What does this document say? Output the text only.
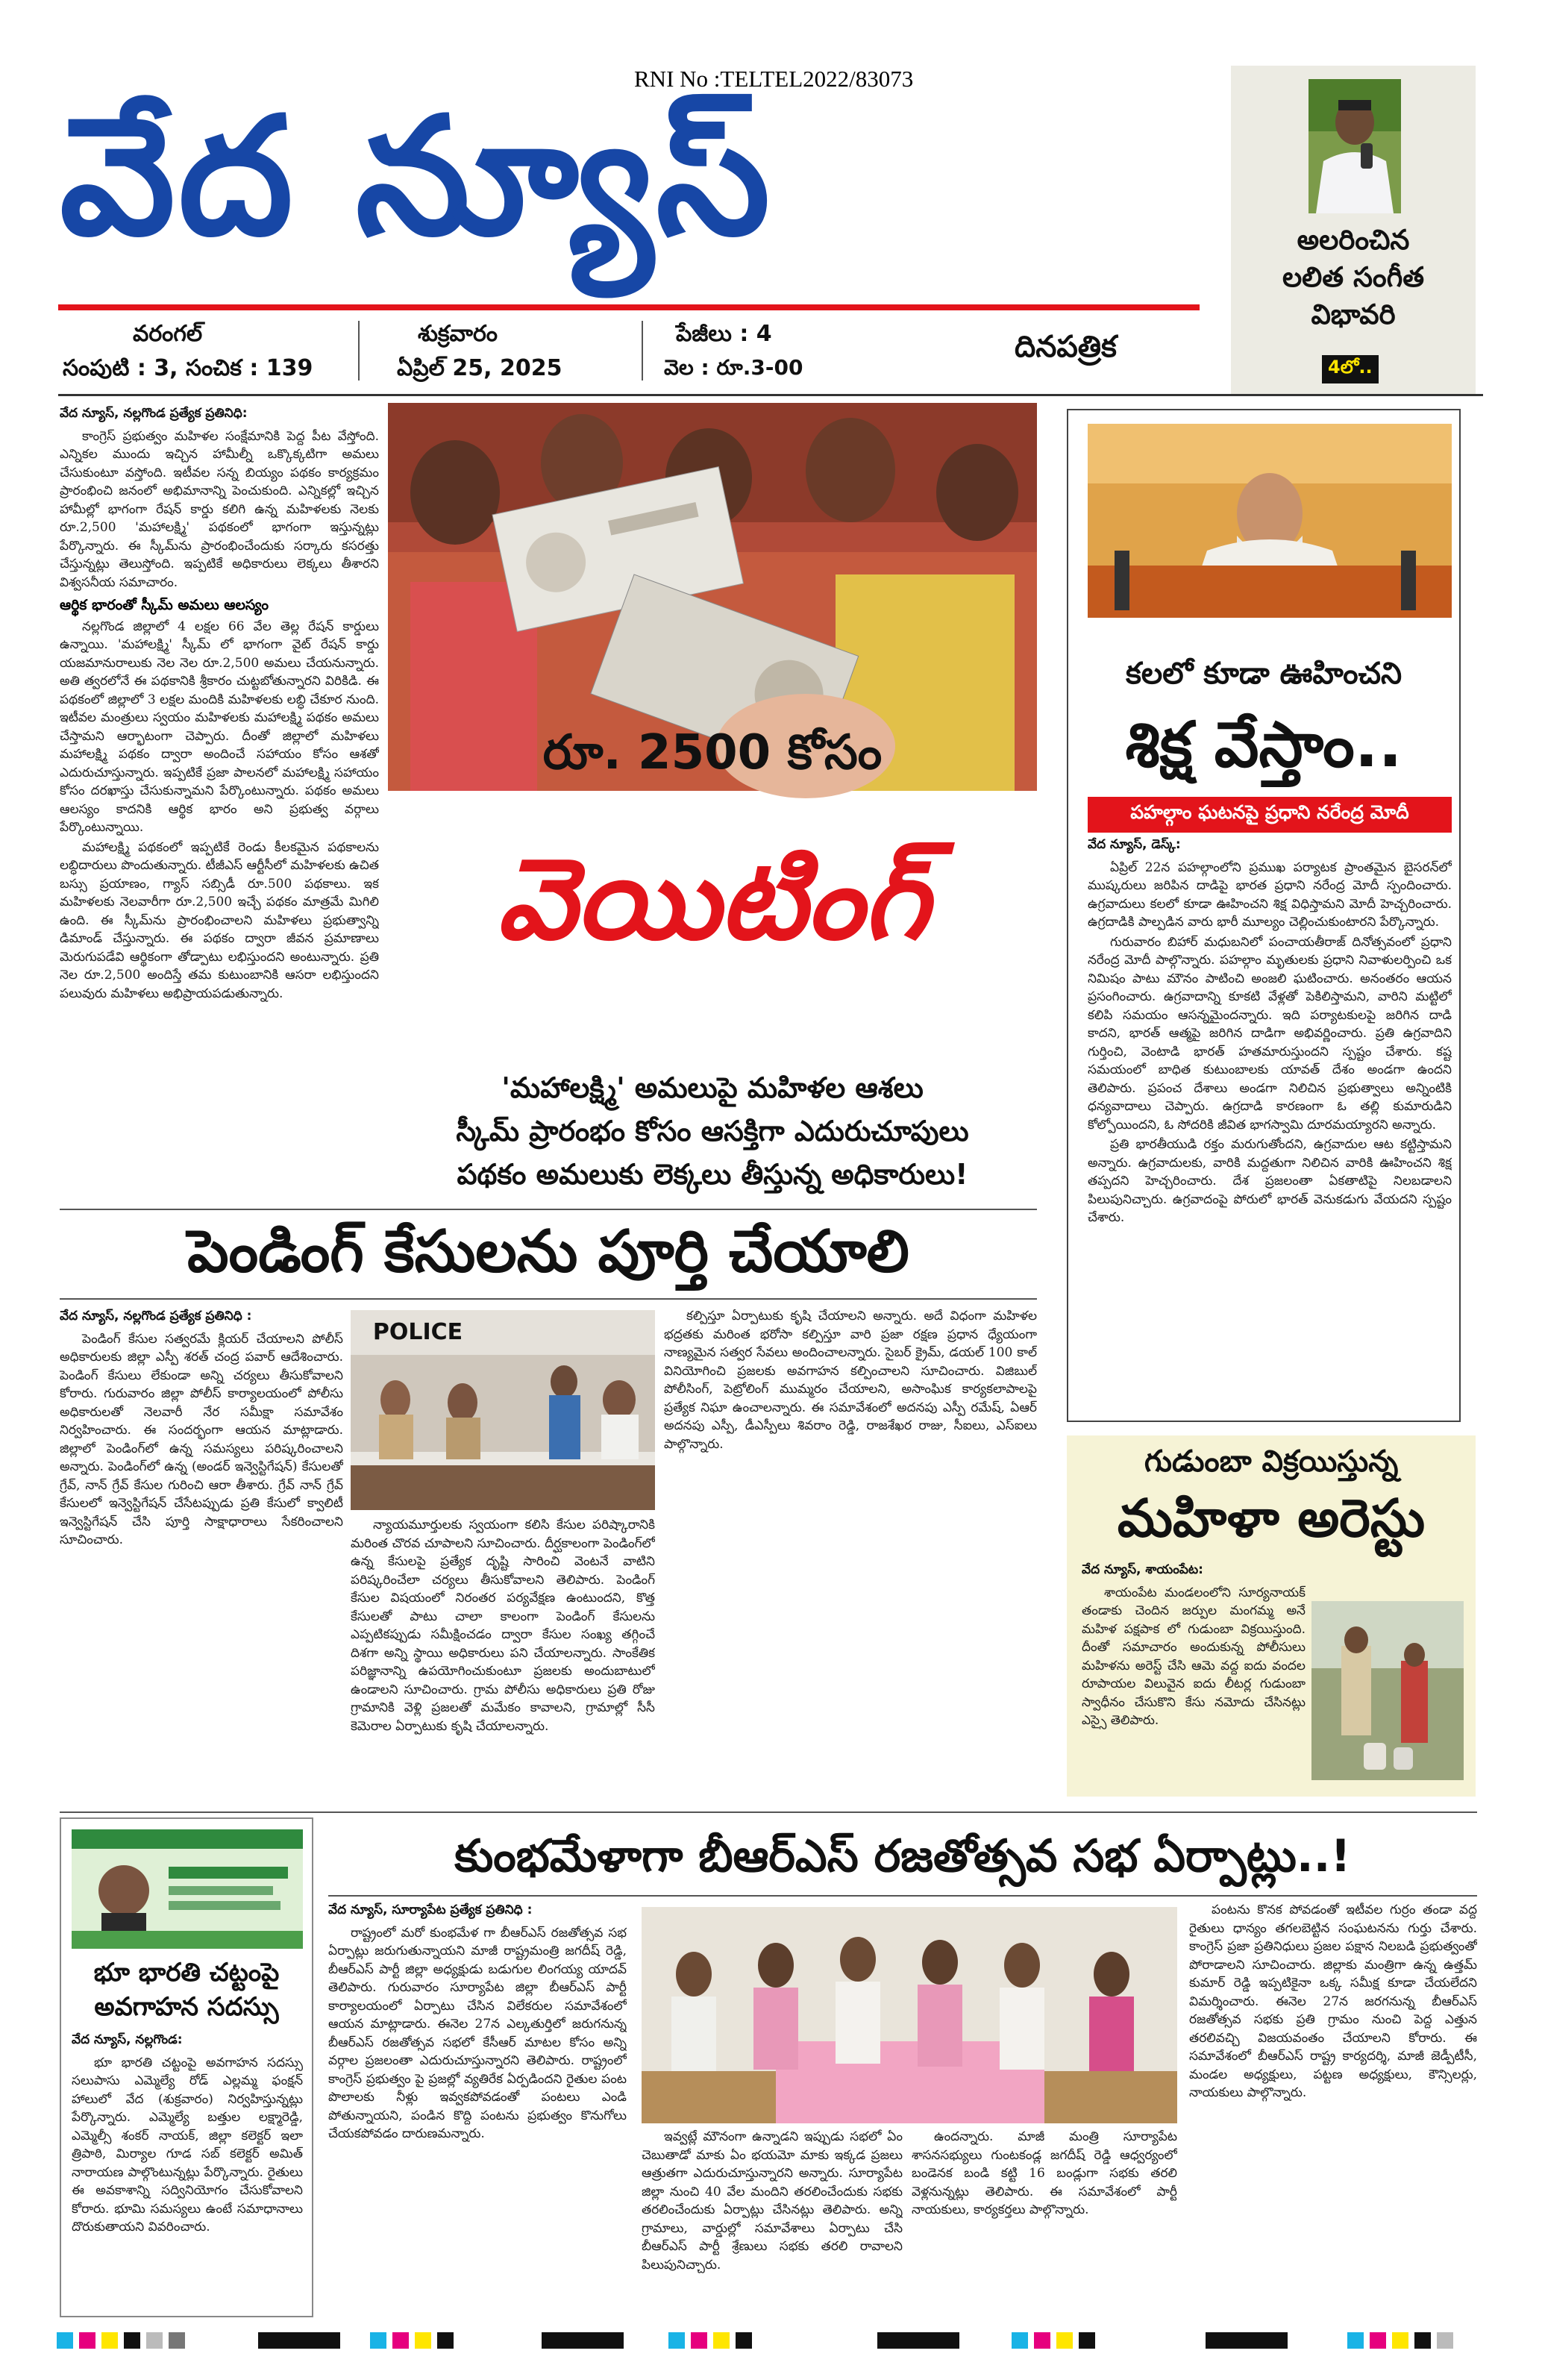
RNI No :TELTEL2022/83073
వేద న్యూస్
వరంగల్
సంపుటి : 3, సంచిక : 139
శుక్రవారం
ఏప్రిల్ 25, 2025
పేజీలు : 4
వెల : రూ.3-00
దినపత్రిక
అలరించిన
లలిత సంగీత
విభావరి
4లో..
వేద న్యూస్, నల్లగొండ ప్రత్యేక ప్రతినిధి:

కాంగ్రెస్ ప్రభుత్వం మహిళల సంక్షేమానికి పెద్ద పీట వేస్తోంది. ఎన్నికల ముందు ఇచ్చిన హామీల్నీ ఒక్కొక్కటిగా అమలు చేసుకుంటూ వస్తోంది. ఇటీవల సన్న బియ్యం పథకం కార్యక్రమం ప్రారంభించి జనంలో అభిమానాన్ని పెంచుకుంది. ఎన్నికల్లో ఇచ్చిన హామీల్లో భాగంగా రేషన్ కార్డు కలిగి ఉన్న మహిళలకు నెలకు రూ.2,500 'మహాలక్ష్మి' పథకంలో భాగంగా ఇస్తున్నట్లు పేర్కొన్నారు. ఈ స్కీమ్‌ను ప్రారంభించేందుకు సర్కారు కసరత్తు చేస్తున్నట్లు తెలుస్తోంది. ఇప్పటికే అధికారులు లెక్కలు తీశారని విశ్వసనీయ సమాచారం.

ఆర్థిక భారంతో స్కీమ్ అమలు ఆలస్యం

నల్లగొండ జిల్లాలో 4 లక్షల 66 వేల తెల్ల రేషన్ కార్డులు ఉన్నాయి. 'మహాలక్ష్మి' స్కీమ్ లో భాగంగా వైట్ రేషన్ కార్డు యజమానురాలుకు నెల నెల రూ.2,500 అమలు చేయనున్నారు. అతి త్వరలోనే ఈ పథకానికి శ్రీకారం చుట్టబోతున్నారని విరికిడి. ఈ పథకంలో జిల్లాలో 3 లక్షల మందికి మహిళలకు లబ్ధి చేకూర నుంది. ఇటీవల మంత్రులు స్వయం మహిళలకు మహాలక్ష్మి పథకం అమలు చేస్తామని ఆర్భాటంగా చెప్పారు. దీంతో జిల్లాలో మహిళలు మహాలక్ష్మి పథకం ద్వారా అందించే సహాయం కోసం ఆశతో ఎదురుచూస్తున్నారు. ఇప్పటికే ప్రజా పాలనలో మహాలక్ష్మి సహాయం కోసం దరఖాస్తు చేసుకున్నామని పేర్కొంటున్నారు. పథకం అమలు ఆలస్యం కాదనికి ఆర్థిక భారం అని ప్రభుత్వ వర్గాలు పేర్కొంటున్నాయి.

మహాలక్ష్మి పథకంలో ఇప్పటికే రెండు కీలకమైన పథకాలను లబ్ధిదారులు పొందుతున్నారు. టీజీఎస్ ఆర్టీసీలో మహిళలకు ఉచిత బస్సు ప్రయాణం, గ్యాస్ సబ్సిడీ రూ.500 పథకాలు. ఇక మహిళలకు నెలవారీగా రూ.2,500 ఇచ్చే పథకం మాత్రమే మిగిలి ఉంది. ఈ స్కీమ్‌ను ప్రారంభించాలని మహిళలు ప్రభుత్వాన్ని డిమాండ్ చేస్తున్నారు. ఈ పథకం ద్వారా జీవన ప్రమాణాలు మెరుగుపడేవి ఆర్థికంగా తోడ్పాటు లభిస్తుందని అంటున్నారు. ప్రతి నెల రూ.2,500 అందిస్తే తమ కుటుంబానికి ఆసరా లభిస్తుందని పలువురు మహిళలు అభిప్రాయపడుతున్నారు.

రూ. 2500 కోసం
వెయిటింగ్
'మహాలక్ష్మి' అమలుపై మహిళల ఆశలు
స్కీమ్ ప్రారంభం కోసం ఆసక్తిగా ఎదురుచూపులు
పథకం అమలుకు లెక్కలు తీస్తున్న అధికారులు!
కలలో కూడా ఊహించని
శిక్ష వేస్తాం..
పహల్గాం ఘటనపై ప్రధాని నరేంద్ర మోదీ
వేద న్యూస్, డెస్క్:

ఏప్రిల్ 22న పహల్గాంలోని ప్రముఖ పర్యాటక ప్రాంతమైన బైసరన్‌లో ముష్కరులు జరిపిన దాడిపై భారత ప్రధాని నరేంద్ర మోదీ స్పందించారు. ఉగ్రవాదులు కలలో కూడా ఊహించని శిక్ష విధిస్తామని మోదీ హెచ్చరించారు. ఉగ్రదాడికి పాల్పడిన వారు భారీ మూల్యం చెల్లించుకుంటారని పేర్కొన్నారు.

గురువారం బిహార్ మధుబనిలో పంచాయతీరాజ్ దినోత్సవంలో ప్రధాని నరేంద్ర మోదీ పాల్గొన్నారు. పహల్గాం మృతులకు ప్రధాని నివాళులర్పించి ఒక నిమిషం పాటు మౌనం పాటించి అంజలి ఘటించారు. అనంతరం ఆయన ప్రసంగించారు. ఉగ్రవాదాన్ని కూకటి వేళ్లతో పెకిలిస్తామని, వారిని మట్టిలో కలిపి సమయం ఆసన్నమైందన్నారు. ఇది పర్యాటకులపై జరిగిన దాడి కాదని, భారత్ ఆత్మపై జరిగిన దాడిగా అభివర్ణించారు. ప్రతి ఉగ్రవాదిని గుర్తించి, వెంటాడి భారత్ హతమారుస్తుందని స్పష్టం చేశారు. కష్ట సమయంలో బాధిత కుటుంబాలకు యావత్ దేశం అండగా ఉందని తెలిపారు. ప్రపంచ దేశాలు అండగా నిలిచిన ప్రభుత్వాలు అన్నింటికి ధన్యవాదాలు చెప్పారు. ఉగ్రదాడి కారణంగా ఓ తల్లి కుమారుడిని కోల్పోయిందని, ఓ సోదరికి జీవిత భాగస్వామి దూరమయ్యారని అన్నారు.

ప్రతి భారతీయుడి రక్తం మరుగుతోందని, ఉగ్రవాదుల ఆట కట్టిస్తామని అన్నారు. ఉగ్రవాదులకు, వారికి మద్దతుగా నిలిచిన వారికి ఊహించని శిక్ష తప్పదని హెచ్చరించారు. దేశ ప్రజలంతా ఏకతాటిపై నిలబడాలని పిలుపునిచ్చారు. ఉగ్రవాదంపై పోరులో భారత్ వెనుకడుగు వేయదని స్పష్టం చేశారు.

పెండింగ్ కేసులను పూర్తి చేయాలి
వేద న్యూస్, నల్లగొండ ప్రత్యేక ప్రతినిధి :

పెండింగ్ కేసుల సత్వరమే క్లియర్ చేయాలని పోలీస్ అధికారులకు జిల్లా ఎస్పీ శరత్ చంద్ర పవార్ ఆదేశించారు. పెండింగ్ కేసులు లేకుండా అన్ని చర్యలు తీసుకోవాలని కోరారు. గురువారం జిల్లా పోలీస్ కార్యాలయంలో పోలీసు అధికారులతో నెలవారీ నేర సమీక్షా సమావేశం నిర్వహించారు. ఈ సందర్భంగా ఆయన మాట్లాడారు. జిల్లాలో పెండింగ్‌లో ఉన్న సమస్యలు పరిష్కరించాలని అన్నారు. పెండింగ్‌లో ఉన్న (అండర్ ఇన్వెస్టిగేషన్) కేసులతో గ్రేవ్, నాన్ గ్రేవ్ కేసుల గురించి ఆరా తీశారు. గ్రేవ్ నాన్ గ్రేవ్ కేసులలో ఇన్వెస్టిగేషన్ చేసేటప్పుడు ప్రతి కేసులో క్వాలిటీ ఇన్వెస్టిగేషన్ చేసి పూర్తి సాక్షాధారాలు సేకరించాలని సూచించారు.

POLICE

న్యాయమూర్తులకు స్వయంగా కలిసి కేసుల పరిష్కారానికి మరింత చొరవ చూపాలని సూచించారు. దీర్ఘకాలంగా పెండింగ్‌లో ఉన్న కేసులపై ప్రత్యేక దృష్టి సారించి వెంటనే వాటిని పరిష్కరించేలా చర్యలు తీసుకోవాలని తెలిపారు. పెండింగ్ కేసుల విషయంలో నిరంతర పర్యవేక్షణ ఉంటుందని, కొత్త కేసులతో పాటు చాలా కాలంగా పెండింగ్ కేసులను ఎప్పటికప్పుడు సమీక్షించడం ద్వారా కేసుల సంఖ్య తగ్గించే దిశగా అన్ని స్థాయి అధికారులు పని చేయాలన్నారు. సాంకేతిక పరిజ్ఞానాన్ని ఉపయోగించుకుంటూ ప్రజలకు అందుబాటులో ఉండాలని సూచించారు. గ్రామ పోలీసు అధికారులు ప్రతి రోజు గ్రామానికి వెళ్లి ప్రజలతో మమేకం కావాలని, గ్రామాల్లో సీసీ కెమెరాల ఏర్పాటుకు కృషి చేయాలన్నారు.

కల్పిస్తూ ఏర్పాటుకు కృషి చేయాలని అన్నారు. అదే విధంగా మహిళల భద్రతకు మరింత భరోసా కల్పిస్తూ వారి ప్రజా రక్షణ ప్రధాన ధ్యేయంగా నాణ్యమైన సత్వర సేవలు అందించాలన్నారు. సైబర్ క్రైమ్, డయల్ 100 కాల్ వినియోగించి ప్రజలకు అవగాహన కల్పించాలని సూచించారు. విజిబుల్ పోలీసింగ్, పెట్రోలింగ్ ముమ్మరం చేయాలని, అసాంఘిక కార్యకలాపాలపై ప్రత్యేక నిఘా ఉంచాలన్నారు. ఈ సమావేశంలో అదనపు ఎస్పీ రమేష్, ఏఆర్ అదనపు ఎస్పీ, డీఎస్పీలు శివరాం రెడ్డి, రాజశేఖర రాజు, సీఐలు, ఎస్ఐలు పాల్గొన్నారు.

గుడుంబా విక్రయిస్తున్న
మహిళా అరెస్టు
వేద న్యూస్, శాయంపేట:

శాయంపేట మండలంలోని సూర్యనాయక్ తండాకు చెందిన జర్పుల మంగమ్మ అనే మహిళ పక్షపాక లో గుడుంబా విక్రయిస్తుంది. దీంతో సమాచారం అందుకున్న పోలీసులు మహిళను అరెస్ట్ చేసి ఆమె వద్ద ఐదు వందల రూపాయల విలువైన ఐదు లీటర్ల గుడుంబా స్వాధీనం చేసుకొని కేసు నమోదు చేసినట్లు ఎస్సై తెలిపారు.

భూ భారతి చట్టంపై
అవగాహన సదస్సు
వేద న్యూస్, నల్లగొండ:

భూ భారతి చట్టంపై అవగాహన సదస్సు సలుపాసు ఎమ్మెల్యే రోడ్ ఎల్లమ్మ ఫంక్షన్ హాలులో వేద (శుక్రవారం) నిర్వహిస్తున్నట్లు పేర్కొన్నారు. ఎమ్మెల్యే బత్తుల లక్ష్మారెడ్డి, ఎమ్మెల్సీ శంకర్ నాయక్, జిల్లా కలెక్టర్ ఇలా త్రిపాఠి, మిర్యాల గూడ సబ్ కలెక్టర్ అమిత్ నారాయణ పాల్గొంటున్నట్లు పేర్కొన్నారు. రైతులు ఈ అవకాశాన్ని సద్వినియోగం చేసుకోవాలని కోరారు. భూమి సమస్యలు ఉంటే సమాధానాలు దొరుకుతాయని వివరించారు.

కుంభమేళాగా బీఆర్ఎస్ రజతోత్సవ సభ ఏర్పాట్లు..!
వేద న్యూస్, సూర్యాపేట ప్రత్యేక ప్రతినిధి :

రాష్ట్రంలో మరో కుంభమేళ గా బీఆర్ఎస్ రజతోత్సవ సభ ఏర్పాట్లు జరుగుతున్నాయని మాజీ రాష్ట్రమంత్రి జగదీష్ రెడ్డి, బీఆర్ఎస్ పార్టీ జిల్లా అధ్యక్షుడు బడుగుల లింగయ్య యాదవ్ తెలిపారు. గురువారం సూర్యాపేట జిల్లా బీఆర్ఎస్ పార్టీ కార్యాలయంలో ఏర్పాటు చేసిన విలేకరుల సమావేశంలో ఆయన మాట్లాడారు. ఈనెల 27న ఎల్కతుర్తిలో జరుగనున్న బీఆర్ఎస్ రజతోత్సవ సభలో కేసీఆర్ మాటల కోసం అన్ని వర్గాల ప్రజలంతా ఎదురుచూస్తున్నారని తెలిపారు. రాష్ట్రంలో కాంగ్రెస్ ప్రభుత్వం పై ప్రజల్లో వ్యతిరేక ఏర్పడిందని రైతుల పంట పొలాలకు నీళ్లు ఇవ్వకపోవడంతో పంటలు ఎండి పోతున్నాయని, పండిన కొద్ది పంటను ప్రభుత్వం కొనుగోలు చేయకపోవడం దారుణమన్నారు.	ఇవ్వట్లే మౌనంగా ఉన్నాడని ఇప్పుడు సభలో ఏం చెబుతాడో మాకు ఏం భయమో మాకు ఇక్కడ ప్రజలు ఆత్రుతగా ఎదురుచూస్తున్నారని అన్నారు. సూర్యాపేట జిల్లా నుంచి 40 వేల మందిని తరలించేందుకు సభకు తరలించేందుకు ఏర్పాట్లు చేసినట్లు తెలిపారు. అన్ని గ్రామాలు, వార్డుల్లో సమావేశాలు ఏర్పాటు చేసి బీఆర్ఎస్ పార్టీ శ్రేణులు సభకు తరలి రావాలని పిలుపునిచ్చారు.

ఉందన్నారు. మాజీ మంత్రి సూర్యాపేట శాసనసభ్యులు గుంటకండ్ల జగదీష్ రెడ్డి ఆధ్వర్యంలో బండెనక బండి కట్టి 16 బండ్లుగా సభకు తరలి వెళ్లనున్నట్లు తెలిపారు. ఈ సమావేశంలో పార్టీ నాయకులు, కార్యకర్తలు పాల్గొన్నారు.

పంటను కొనక పోవడంతో ఇటీవల గుర్రం తండా వద్ద రైతులు ధాన్యం తగలబెట్టిన సంఘటనను గుర్తు చేశారు. కాంగ్రెస్ ప్రజా ప్రతినిధులు ప్రజల పక్షాన నిలబడి ప్రభుత్వంతో పోరాడాలని సూచించారు. జిల్లాకు మంత్రిగా ఉన్న ఉత్తమ్ కుమార్ రెడ్డి ఇప్పటికైనా ఒక్క సమీక్ష కూడా చేయలేదని విమర్శించారు. ఈనెల 27న జరగనున్న బీఆర్ఎస్ రజతోత్సవ సభకు ప్రతి గ్రామం నుంచి పెద్ద ఎత్తున తరలివచ్చి విజయవంతం చేయాలని కోరారు. ఈ సమావేశంలో బీఆర్ఎస్ రాష్ట్ర కార్యదర్శి, మాజీ జెడ్పీటీసీ, మండల అధ్యక్షులు, పట్టణ అధ్యక్షులు, కౌన్సిలర్లు, నాయకులు పాల్గొన్నారు.
